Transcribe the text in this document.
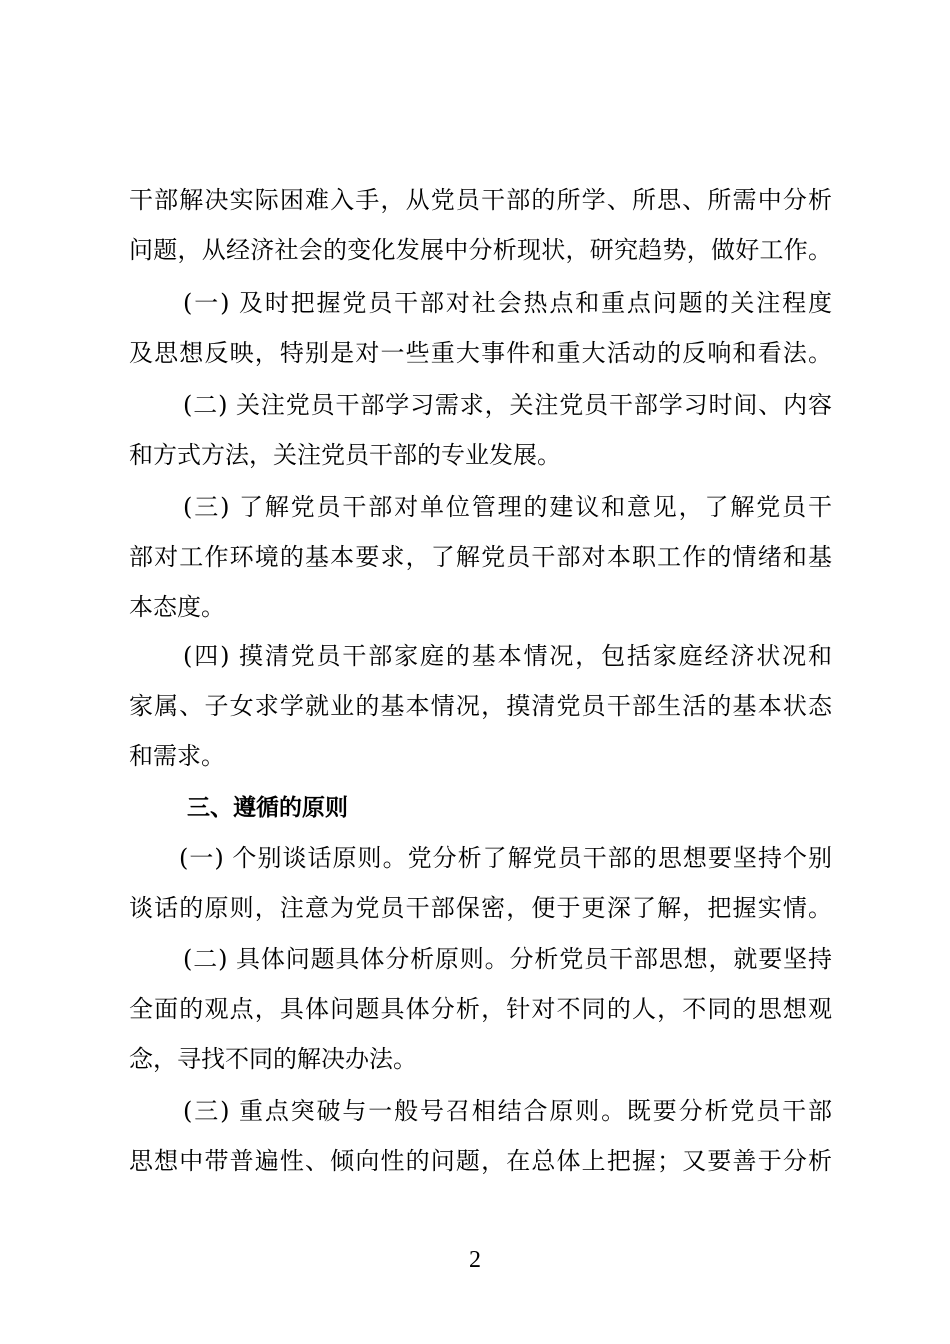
干部解决实际困难入手，从党员干部的所学、所思、所需中分析
问题，从经济社会的变化发展中分析现状，研究趋势，做好工作。
(一) 及时把握党员干部对社会热点和重点问题的关注程度
及思想反映，特别是对一些重大事件和重大活动的反响和看法。
(二) 关注党员干部学习需求，关注党员干部学习时间、内容
和方式方法，关注党员干部的专业发展。
(三) 了解党员干部对单位管理的建议和意见，了解党员干
部对工作环境的基本要求，了解党员干部对本职工作的情绪和基
本态度。
(四) 摸清党员干部家庭的基本情况，包括家庭经济状况和
家属、子女求学就业的基本情况，摸清党员干部生活的基本状态
和需求。
三、遵循的原则
(一) 个别谈话原则。党分析了解党员干部的思想要坚持个别
谈话的原则，注意为党员干部保密，便于更深了解，把握实情。
(二) 具体问题具体分析原则。分析党员干部思想，就要坚持
全面的观点，具体问题具体分析，针对不同的人，不同的思想观
念，寻找不同的解决办法。
(三) 重点突破与一般号召相结合原则。既要分析党员干部
思想中带普遍性、倾向性的问题，在总体上把握；又要善于分析
2
